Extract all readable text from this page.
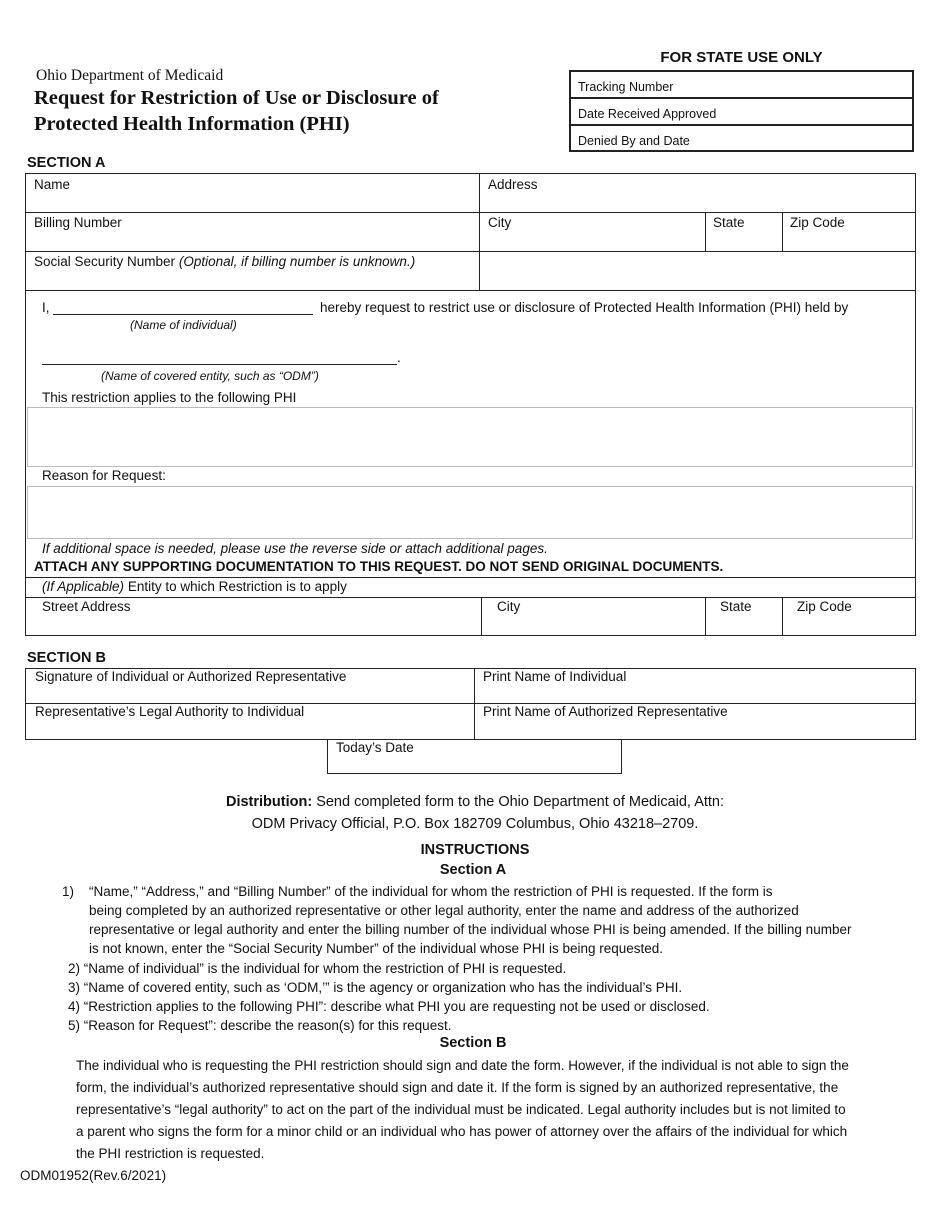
Ohio Department of Medicaid
Request for Restriction of Use or Disclosure of
Protected Health Information (PHI)
FOR STATE USE ONLY
Tracking Number
Date Received Approved
Denied By and Date
SECTION A
Name	Address
Billing Number	City	State	Zip Code
Social Security Number (Optional, if billing number is unknown.)
I,	hereby request to restrict use or disclosure of Protected Health Information (PHI) held by
(Name of individual)
.
(Name of covered entity, such as “ODM”)
This restriction applies to the following PHI
Reason for Request:
If additional space is needed, please use the reverse side or attach additional pages.
ATTACH ANY SUPPORTING DOCUMENTATION TO THIS REQUEST. DO NOT SEND ORIGINAL DOCUMENTS.
(If Applicable) Entity to which Restriction is to apply
Street Address	City	State	Zip Code
SECTION B
Signature of Individual or Authorized Representative	Print Name of Individual
Representative’s Legal Authority to Individual	Print Name of Authorized Representative
Today’s Date
Distribution: Send completed form to the Ohio Department of Medicaid, Attn:
ODM Privacy Official, P.O. Box 182709 Columbus, Ohio 43218–2709.
INSTRUCTIONS
Section A
1) “Name,” “Address,” and “Billing Number” of the individual for whom the restriction of PHI is requested. If the form is
being completed by an authorized representative or other legal authority, enter the name and address of the authorized
representative or legal authority and enter the billing number of the individual whose PHI is being amended. If the billing number
is not known, enter the “Social Security Number” of the individual whose PHI is being requested.
2) “Name of individual” is the individual for whom the restriction of PHI is requested.
3) “Name of covered entity, such as ‘ODM,’” is the agency or organization who has the individual’s PHI.
4) “Restriction applies to the following PHI”: describe what PHI you are requesting not be used or disclosed.
5) “Reason for Request”: describe the reason(s) for this request.
Section B
The individual who is requesting the PHI restriction should sign and date the form. However, if the individual is not able to sign the
form, the individual’s authorized representative should sign and date it. If the form is signed by an authorized representative, the
representative’s “legal authority” to act on the part of the individual must be indicated. Legal authority includes but is not limited to
a parent who signs the form for a minor child or an individual who has power of attorney over the affairs of the individual for which
the PHI restriction is requested.
ODM01952(Rev.6/2021)
